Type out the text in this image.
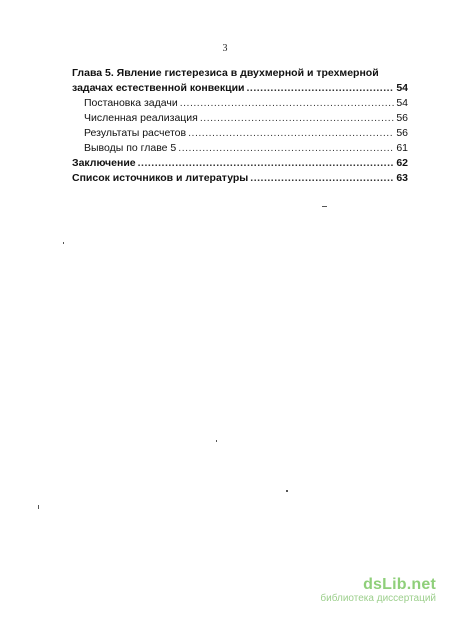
3
Глава 5. Явление гистерезиса в двухмерной и трехмерной
задачах естественной конвекции .....	54
Постановка задачи .....	54
Численная реализация .....	56
Результаты расчетов .....	56
Выводы по главе 5 .....	61
Заключение .....	62
Список источников и литературы .....	63
dsLib.net
библиотека диссертаций
